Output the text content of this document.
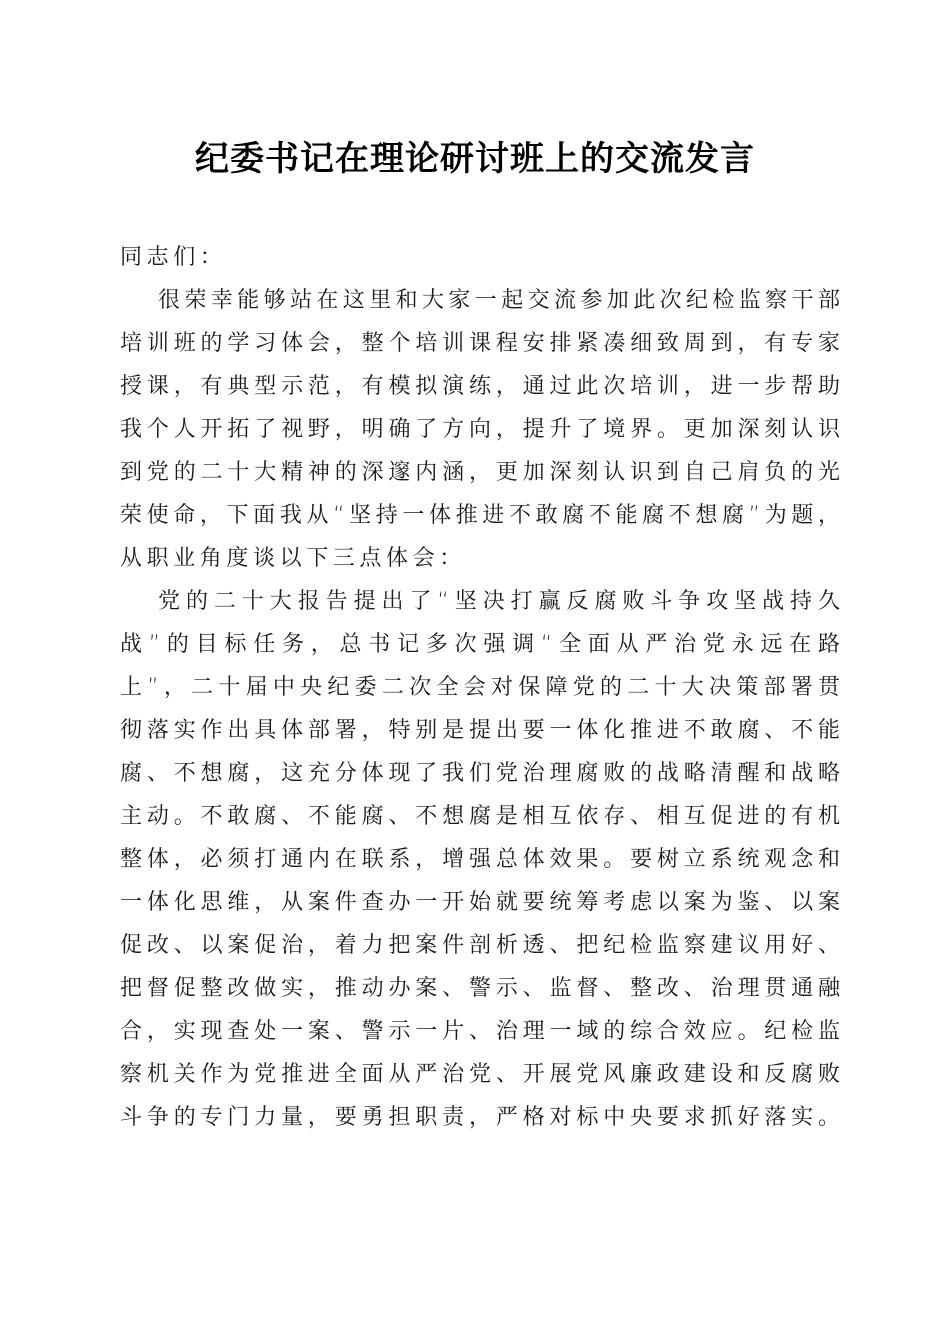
纪委书记在理论研讨班上的交流发言
同志们：
很荣幸能够站在这里和大家一起交流参加此次纪检监察干部
培训班的学习体会，整个培训课程安排紧凑细致周到，有专家
授课，有典型示范，有模拟演练，通过此次培训，进一步帮助
我个人开拓了视野，明确了方向，提升了境界。更加深刻认识
到党的二十大精神的深邃内涵，更加深刻认识到自己肩负的光
荣使命，下面我从“坚持一体推进不敢腐不能腐不想腐”为题，
从职业角度谈以下三点体会：
党的二十大报告提出了“坚决打赢反腐败斗争攻坚战持久
战”的目标任务，总书记多次强调“全面从严治党永远在路
上”，二十届中央纪委二次全会对保障党的二十大决策部署贯
彻落实作出具体部署，特别是提出要一体化推进不敢腐、不能
腐、不想腐，这充分体现了我们党治理腐败的战略清醒和战略
主动。不敢腐、不能腐、不想腐是相互依存、相互促进的有机
整体，必须打通内在联系，增强总体效果。要树立系统观念和
一体化思维，从案件查办一开始就要统筹考虑以案为鉴、以案
促改、以案促治，着力把案件剖析透、把纪检监察建议用好、
把督促整改做实，推动办案、警示、监督、整改、治理贯通融
合，实现查处一案、警示一片、治理一域的综合效应。纪检监
察机关作为党推进全面从严治党、开展党风廉政建设和反腐败
斗争的专门力量，要勇担职责，严格对标中央要求抓好落实。
